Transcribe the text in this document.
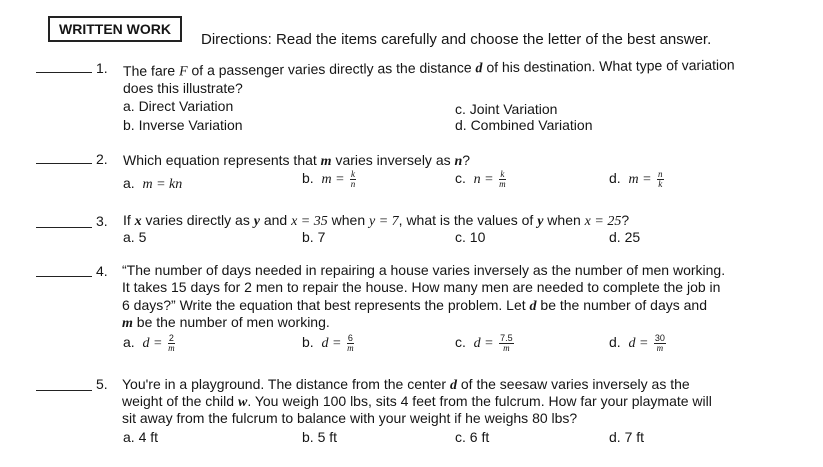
WRITTEN WORK
Directions: Read the items carefully and choose the letter of the best answer.
1. The fare F of a passenger varies directly as the distance d of his destination. What type of variation
does this illustrate?
a. Direct Variation
b. Inverse Variation
c. Joint Variation
d. Combined Variation
2. Which equation represents that m varies inversely as n?
a. m = kn	b. $m = \frac{k}{n}$	c. $n = \frac{k}{m}$	d. $m = \frac{n}{k}$
3. If x varies directly as y and x = 35 when y = 7, what is the values of y when x = 25?
a. 5	b. 7	c. 10	d. 25
4. “The number of days needed in repairing a house varies inversely as the number of men working.
It takes 15 days for 2 men to repair the house. How many men are needed to complete the job in
6 days?” Write the equation that best represents the problem. Let d be the number of days and
m be the number of men working.
a. $d = \frac{2}{m}$	b. $d = \frac{6}{m}$	c. $d = \frac{7.5}{m}$	d. $d = \frac{30}{m}$
5. You're in a playground. The distance from the center d of the seesaw varies inversely as the
weight of the child w. You weigh 100 lbs, sits 4 feet from the fulcrum. How far your playmate will
sit away from the fulcrum to balance with your weight if he weighs 80 lbs?
a. 4 ft	b. 5 ft	c. 6 ft	d. 7 ft
